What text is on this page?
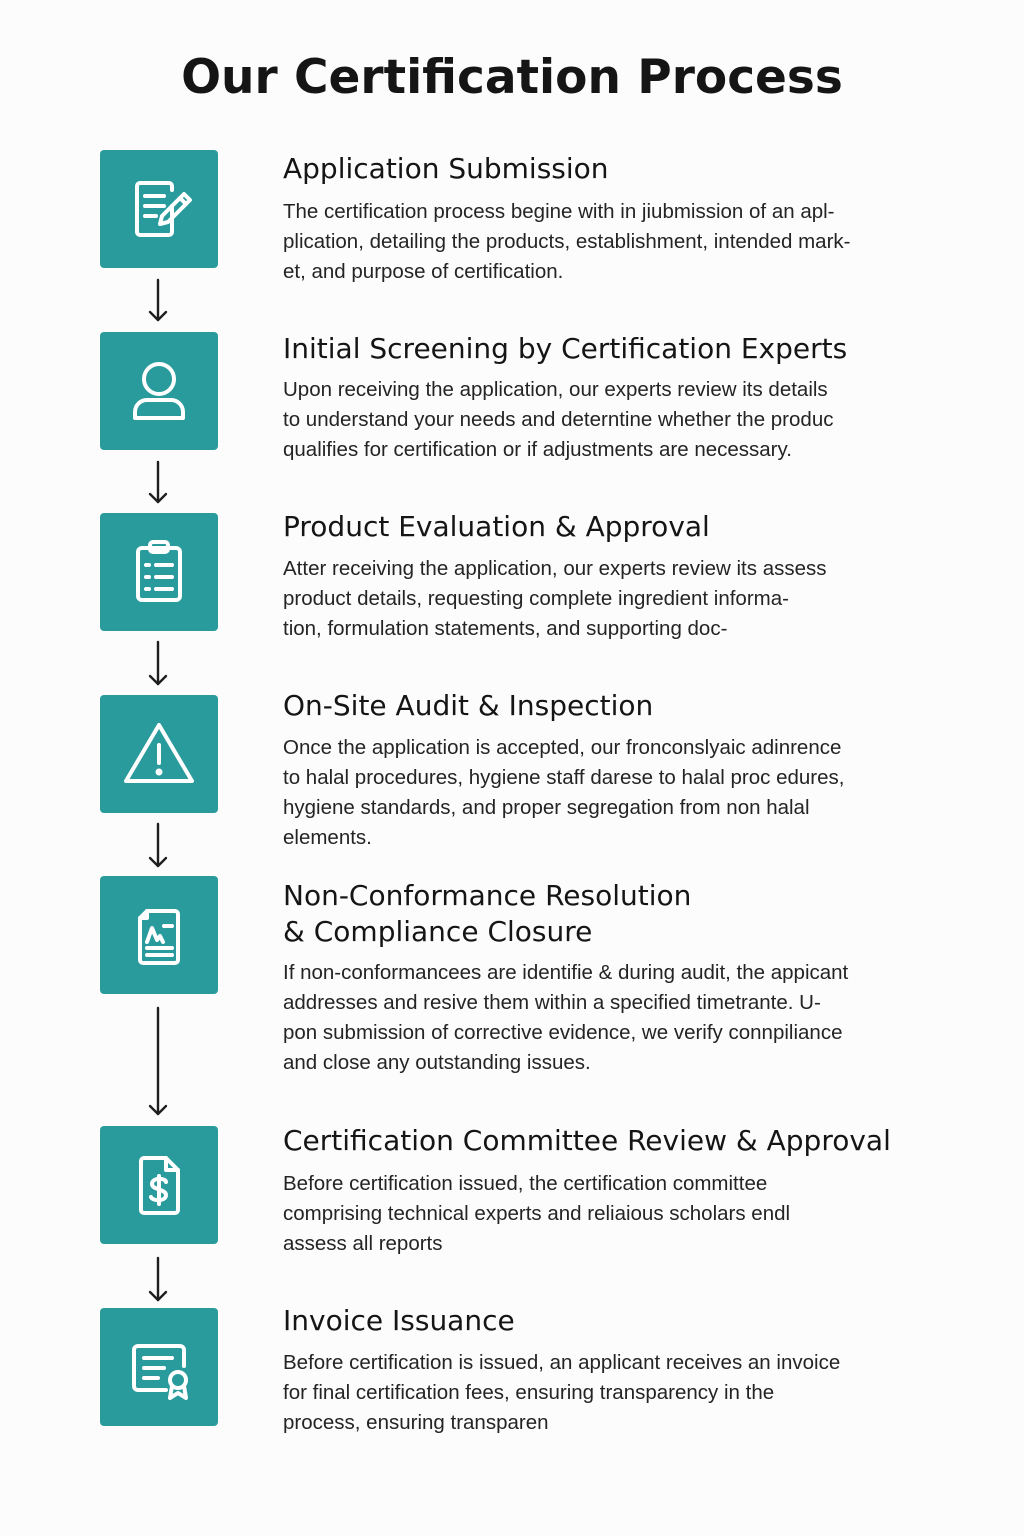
Our Certification Process
Application Submission
The certification process begine with in jiubmission of an apl-
plication, detailing the products, establishment, intended mark-
et, and purpose of certification.
Initial Screening by Certification Experts
Upon receiving the application, our experts review its details
to understand your needs and deterntine whether the produc
qualifies for certification or if adjustments are necessary.
Product Evaluation & Approval
Atter receiving the application, our experts review its assess
product details, requesting complete ingredient informa-
tion, formulation statements, and supporting doc-
On-Site Audit & Inspection
Once the application is accepted, our fronconslyaic adinrence
to halal procedures, hygiene staff darese to halal proc edures,
hygiene standards, and proper segregation from non halal
elements.
Non-Conformance Resolution
& Compliance Closure
If non-conformancees are identifie & during audit, the appicant
addresses and resive them within a specified timetrante. U-
pon submission of corrective evidence, we verify connpiliance
and close any outstanding issues.
Certification Committee Review & Approval
Before certification issued, the certification committee
comprising technical experts and reliaious scholars endl
assess all reports
Invoice Issuance
Before certification is issued, an applicant receives an invoice
for final certification fees, ensuring transparency in the
process, ensuring transparen
